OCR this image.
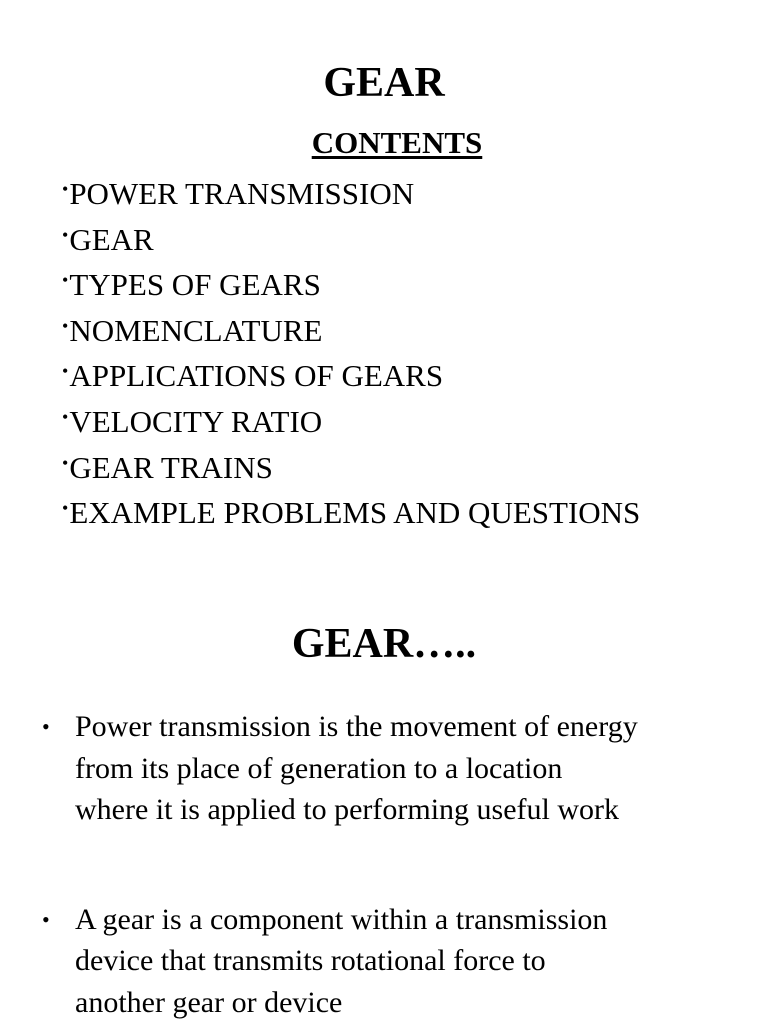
GEAR
CONTENTS
•POWER TRANSMISSION
•GEAR
•TYPES OF GEARS
•NOMENCLATURE
•APPLICATIONS OF GEARS
•VELOCITY RATIO
•GEAR TRAINS
•EXAMPLE PROBLEMS AND QUESTIONS
GEAR…..
• Power transmission is the movement of energy
from its place of generation to a location
where it is applied to performing useful work
• A gear is a component within a transmission
device that transmits rotational force to
another gear or device
